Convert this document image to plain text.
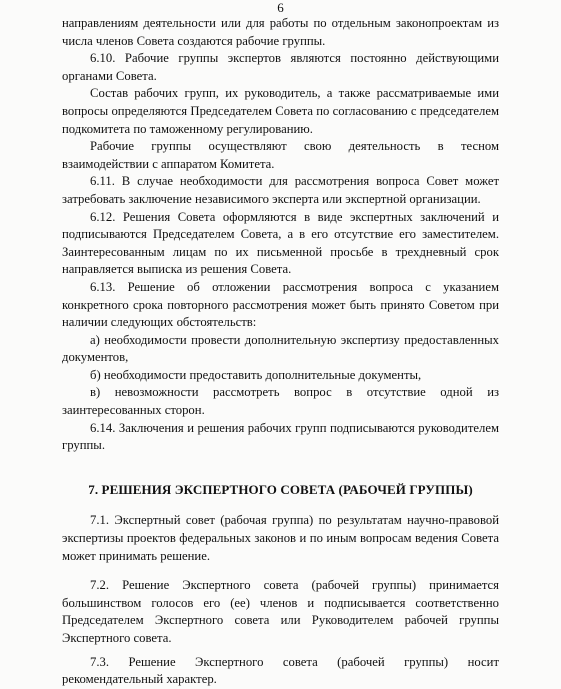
6

направлениям деятельности или для работы по отдельным законопроектам из числа членов Совета создаются рабочие группы.

6.10. Рабочие группы экспертов являются постоянно действующими органами Совета.

Состав рабочих групп, их руководитель, а также рассматриваемые ими вопросы определяются Председателем Совета по согласованию с председателем подкомитета по таможенному регулированию.

Рабочие группы осуществляют свою деятельность в тесном взаимодействии с аппаратом Комитета.

6.11. В случае необходимости для рассмотрения вопроса Совет может затребовать заключение независимого эксперта или экспертной организации.

6.12. Решения Совета оформляются в виде экспертных заключений и подписываются Председателем Совета, а в его отсутствие его заместителем. Заинтересованным лицам по их письменной просьбе в трехдневный срок направляется выписка из решения Совета.

6.13. Решение об отложении рассмотрения вопроса с указанием конкретного срока повторного рассмотрения может быть принято Советом при наличии следующих обстоятельств:

а) необходимости провести дополнительную экспертизу предоставленных документов,

б) необходимости предоставить дополнительные документы,

в) невозможности рассмотреть вопрос в отсутствие одной из заинтересованных сторон.

6.14. Заключения и решения рабочих групп подписываются руководителем группы.

7. РЕШЕНИЯ ЭКСПЕРТНОГО СОВЕТА (РАБОЧЕЙ ГРУППЫ)

7.1. Экспертный совет (рабочая группа) по результатам научно-правовой экспертизы проектов федеральных законов и по иным вопросам ведения Совета может принимать решение.

7.2. Решение Экспертного совета (рабочей группы) принимается большинством голосов его (ее) членов и подписывается соответственно Председателем Экспертного совета или Руководителем рабочей группы Экспертного совета.

7.3. Решение Экспертного совета (рабочей группы) носит рекомендательный характер.
